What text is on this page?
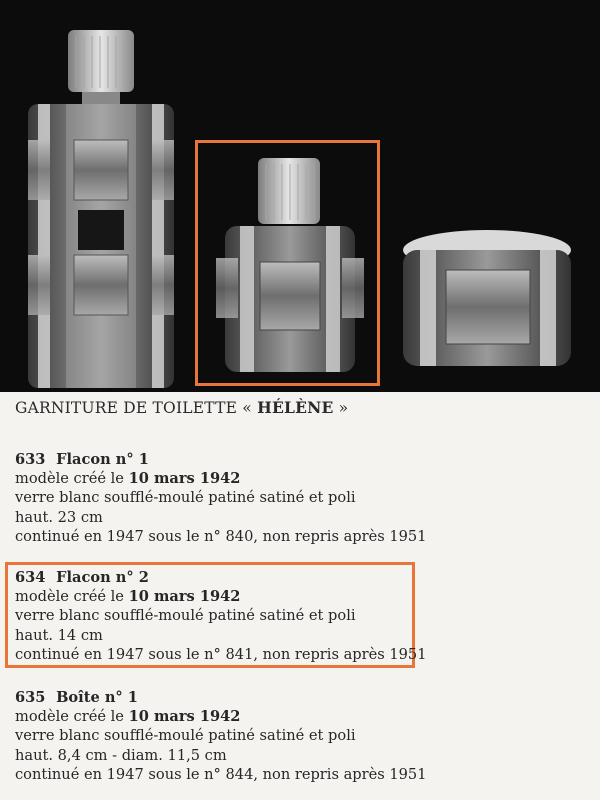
GARNITURE DE TOILETTE « HÉLÈNE »
633 Flacon n° 1
modèle créé le 10 mars 1942
verre blanc soufflé-moulé patiné satiné et poli
haut. 23 cm
continué en 1947 sous le n° 840, non repris après 1951
634 Flacon n° 2
modèle créé le 10 mars 1942
verre blanc soufflé-moulé patiné satiné et poli
haut. 14 cm
continué en 1947 sous le n° 841, non repris après 1951
635 Boîte n° 1
modèle créé le 10 mars 1942
verre blanc soufflé-moulé patiné satiné et poli
haut. 8,4 cm - diam. 11,5 cm
continué en 1947 sous le n° 844, non repris après 1951
